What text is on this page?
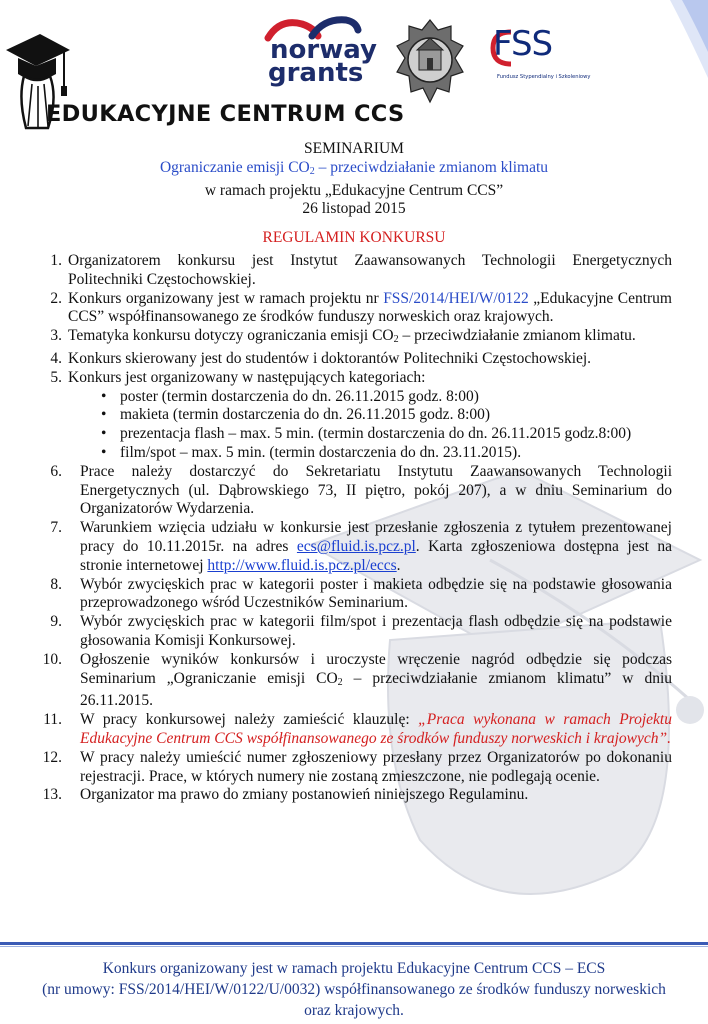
EDUKACYJNE CENTRUM CCS
norway
grants
FSS
Fundusz Stypendialny i Szkoleniowy
SEMINARIUM
Ograniczanie emisji $CO_2$ – przeciwdziałanie zmianom klimatu
w ramach projektu „Edukacyjne Centrum CCS”
26 listopad 2015
REGULAMIN KONKURSU
1. Organizatorem konkursu jest Instytut Zaawansowanych Technologii Energetycznych Politechniki Częstochowskiej.
2. Konkurs organizowany jest w ramach projektu nr FSS/2014/HEI/W/0122 „Edukacyjne Centrum CCS” współfinansowanego ze środków funduszy norweskich oraz krajowych.
3. Tematyka konkursu dotyczy ograniczania emisji $CO_2$ – przeciwdziałanie zmianom klimatu.
4. Konkurs skierowany jest do studentów i doktorantów Politechniki Częstochowskiej.
5. Konkurs jest organizowany w następujących kategoriach:
• poster (termin dostarczenia do dn. 26.11.2015 godz. 8:00)
• makieta (termin dostarczenia do dn. 26.11.2015 godz. 8:00)
• prezentacja flash – max. 5 min. (termin dostarczenia do dn. 26.11.2015 godz.8:00)
• film/spot – max. 5 min. (termin dostarczenia do dn. 23.11.2015).
6. Prace należy dostarczyć do Sekretariatu Instytutu Zaawansowanych Technologii Energetycznych (ul. Dąbrowskiego 73, II piętro, pokój 207), a w dniu Seminarium do Organizatorów Wydarzenia.
7. Warunkiem wzięcia udziału w konkursie jest przesłanie zgłoszenia z tytułem prezentowanej pracy do 10.11.2015r. na adres ecs@fluid.is.pcz.pl. Karta zgłoszeniowa dostępna jest na stronie internetowej http://www.fluid.is.pcz.pl/eccs.
8. Wybór zwycięskich prac w kategorii poster i makieta odbędzie się na podstawie głosowania przeprowadzonego wśród Uczestników Seminarium.
9. Wybór zwycięskich prac w kategorii film/spot i prezentacja flash odbędzie się na podstawie głosowania Komisji Konkursowej.
10. Ogłoszenie wyników konkursów i uroczyste wręczenie nagród odbędzie się podczas Seminarium „Ograniczanie emisji $CO_2$ – przeciwdziałanie zmianom klimatu” w dniu 26.11.2015.
11. W pracy konkursowej należy zamieścić klauzulę: „Praca wykonana w ramach Projektu Edukacyjne Centrum CCS współfinansowanego ze środków funduszy norweskich i krajowych”.
12. W pracy należy umieścić numer zgłoszeniowy przesłany przez Organizatorów po dokonaniu rejestracji. Prace, w których numery nie zostaną zmieszczone, nie podlegają ocenie.
13. Organizator ma prawo do zmiany postanowień niniejszego Regulaminu.
Konkurs organizowany jest w ramach projektu Edukacyjne Centrum CCS – ECS
(nr umowy: FSS/2014/HEI/W/0122/U/0032) współfinansowanego ze środków funduszy norweskich
oraz krajowych.
